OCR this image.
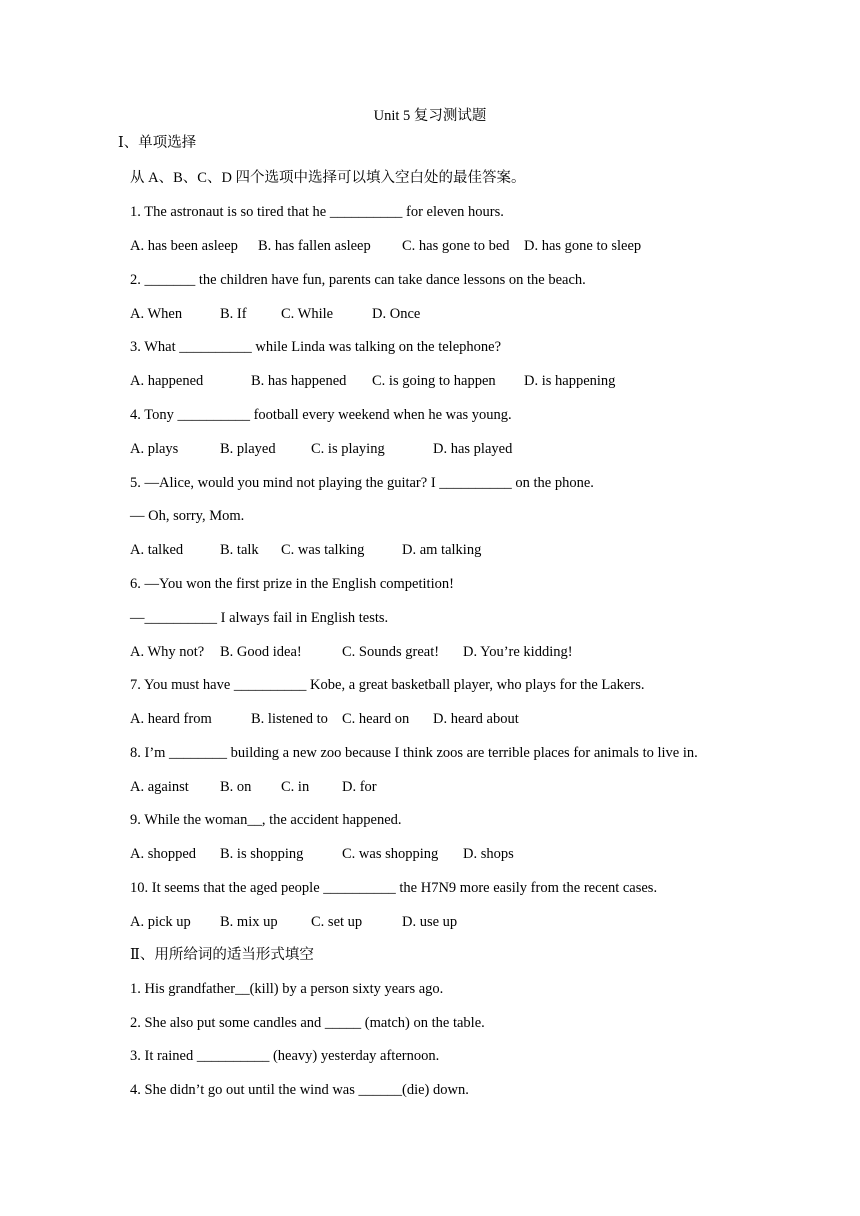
Unit 5 复习测试题
Ⅰ、单项选择
从 A、B、C、D 四个选项中选择可以填入空白处的最佳答案。
1. The astronaut is so tired that he __________ for eleven hours.
A. has been asleep B. has fallen asleep C. has gone to bed D. has gone to sleep
2. _______ the children have fun, parents can take dance lessons on the beach.
A. When	B. If C. While	D. Once
3. What __________ while Linda was talking on the telephone?
A. happened	B. has happened C. is going to happen D. is happening
4. Tony __________ football every weekend when he was young.
A. plays	B. played C. is playing	D. has played
5. —Alice, would you mind not playing the guitar? I __________ on the phone.
— Oh, sorry, Mom.
A. talked	B. talk C. was talking	D. am talking
6. —You won the first prize in the English competition!
—__________ I always fail in English tests.
A. Why not? B. Good idea!	C. Sounds great! D. You’re kidding!
7. You must have __________ Kobe, a great basketball player, who plays for the Lakers.
A. heard from	B. listened to C. heard on D. heard about
8. I’m ________ building a new zoo because I think zoos are terrible places for animals to live in.
A. against B. on C. in D. for
9. While the woman__, the accident happened.
A. shopped B. is shopping	C. was shopping D. shops
10. It seems that the aged people __________ the H7N9 more easily from the recent cases.
A. pick up B. mix up C. set up	D. use up
Ⅱ、用所给词的适当形式填空
1. His grandfather__(kill) by a person sixty years ago.
2. She also put some candles and _____ (match) on the table.
3. It rained __________ (heavy) yesterday afternoon.
4. She didn’t go out until the wind was ______(die) down.
